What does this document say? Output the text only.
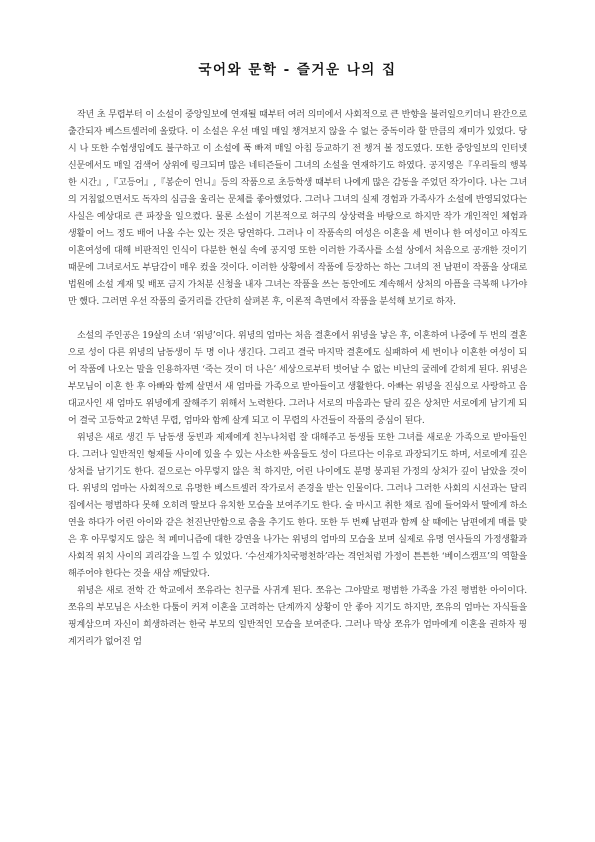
국어와 문학 - 즐거운 나의 집

작년 초 무렵부터 이 소설이 중앙일보에 연재될 때부터 여러 의미에서 사회적으로 큰 반향을 불러일으키더니 완간으로 출간되자 베스트셀러에 올랐다. 이 소설은 우선 매일 매일 챙겨보지 않을 수 없는 중독이라 할 만큼의 재미가 있었다. 당시 나 또한 수험생임에도 불구하고 이 소설에 푹 빠져 매일 아침 등교하기 전 챙겨 볼 정도였다. 또한 중앙일보의 인터넷 신문에서도 매일 검색어 상위에 링크되며 많은 네티즌들이 그녀의 소설을 연재하기도 하였다. 공지영은『우리들의 행복한 시간』,『고등어』,『봉순이 언니』등의 작품으로 초등학생 때부터 나에게 많은 감동을 주었던 작가이다. 나는 그녀의 거침없으면서도 독자의 심금을 울리는 문체를 좋아했었다. 그러나 그녀의 실제 경험과 가족사가 소설에 반영되었다는 사실은 예상대로 큰 파장을 일으켰다. 물론 소설이 기본적으로 허구의 상상력을 바탕으로 하지만 작가 개인적인 체험과 생활이 어느 정도 배어 나올 수는 있는 것은 당연하다. 그러나 이 작품속의 여성은 이혼을 세 번이나 한 여성이고 아직도 이혼여성에 대해 비판적인 인식이 다분한 현실 속에 공지영 또한 이러한 가족사를 소설 상에서 처음으로 공개한 것이기 때문에 그녀로서도 부담감이 매우 컸을 것이다. 이러한 상황에서 작품에 등장하는 하는 그녀의 전 남편이 작품을 상대로 법원에 소설 게재 및 배포 금지 가처분 신청을 내자 그녀는 작품을 쓰는 동안에도 계속해서 상처의 아픔을 극복해 나가야만 했다. 그러면 우선 작품의 줄거리를 간단히 살펴본 후, 이론적 측면에서 작품을 분석해 보기로 하자.

소설의 주인공은 19살의 소녀 ‘위녕’이다. 위녕의 엄마는 처음 결혼에서 위녕을 낳은 후, 이혼하여 나중에 두 번의 결혼으로 성이 다른 위녕의 남동생이 두 명 이나 생긴다. 그리고 결국 마지막 결혼에도 실패하여 세 번이나 이혼한 여성이 되어 작품에 나오는 말을 인용하자면 ‘죽는 것이 더 나은’ 세상으로부터 벗어날 수 없는 비난의 굴레에 갇히게 된다. 위녕은 부모님이 이혼 한 후 아빠와 함께 살면서 새 엄마를 가족으로 받아들이고 생활한다. 아빠는 위녕을 진심으로 사랑하고 음대교사인 새 엄마도 위녕에게 잘해주기 위해서 노력한다. 그러나 서로의 마음과는 달리 깊은 상처만 서로에게 남기게 되어 결국 고등학교 2학년 무렵, 엄마와 함께 살게 되고 이 무렵의 사건들이 작품의 중심이 된다.

위녕은 새로 생긴 두 남동생 둥빈과 제제에게 친누나처럼 잘 대해주고 동생들 또한 그녀를 새로운 가족으로 받아들인다. 그러나 일반적인 형제들 사이에 있을 수 있는 사소한 싸움들도 성이 다르다는 이유로 과장되기도 하며, 서로에게 깊은 상처를 남기기도 한다. 겉으로는 아무렇지 않은 척 하지만, 어린 나이에도 분명 붕괴된 가정의 상처가 깊이 남았을 것이다. 위녕의 엄마는 사회적으로 유명한 베스트셀러 작가로서 존경을 받는 인물이다. 그러나 그러한 사회의 시선과는 달리 집에서는 평범하다 못해 오히려 딸보다 유치한 모습을 보여주기도 한다. 술 마시고 취한 채로 집에 들어와서 딸에게 하소연을 하다가 어린 아이와 같은 천진난만함으로 춤을 추기도 한다. 또한 두 번째 남편과 함께 살 때에는 남편에게 매를 맞은 후 아무렇지도 않은 척 페미니즘에 대한 강연을 나가는 위녕의 엄마의 모습을 보며 실제로 유명 연사들의 가정생활과 사회적 위치 사이의 괴리감을 느낄 수 있었다. ‘수선재가치국평천하’라는 격언처럼 가정이 튼튼한 ‘베이스캠프’의 역할을 해주어야 한다는 것을 새삼 깨달았다.

위녕은 새로 전학 간 학교에서 쪼유라는 친구를 사귀게 된다. 쪼유는 그야말로 평범한 가족을 가진 평범한 아이이다. 쪼유의 부모님은 사소한 다툼이 커져 이혼을 고려하는 단계까지 상황이 안 좋아 지기도 하지만, 쪼유의 엄마는 자식들을 핑계삼으며 자신이 희생하려는 한국 부모의 일반적인 모습을 보여준다. 그러나 막상 쪼유가 엄마에게 이혼을 권하자 핑계거리가 없어진 엄
